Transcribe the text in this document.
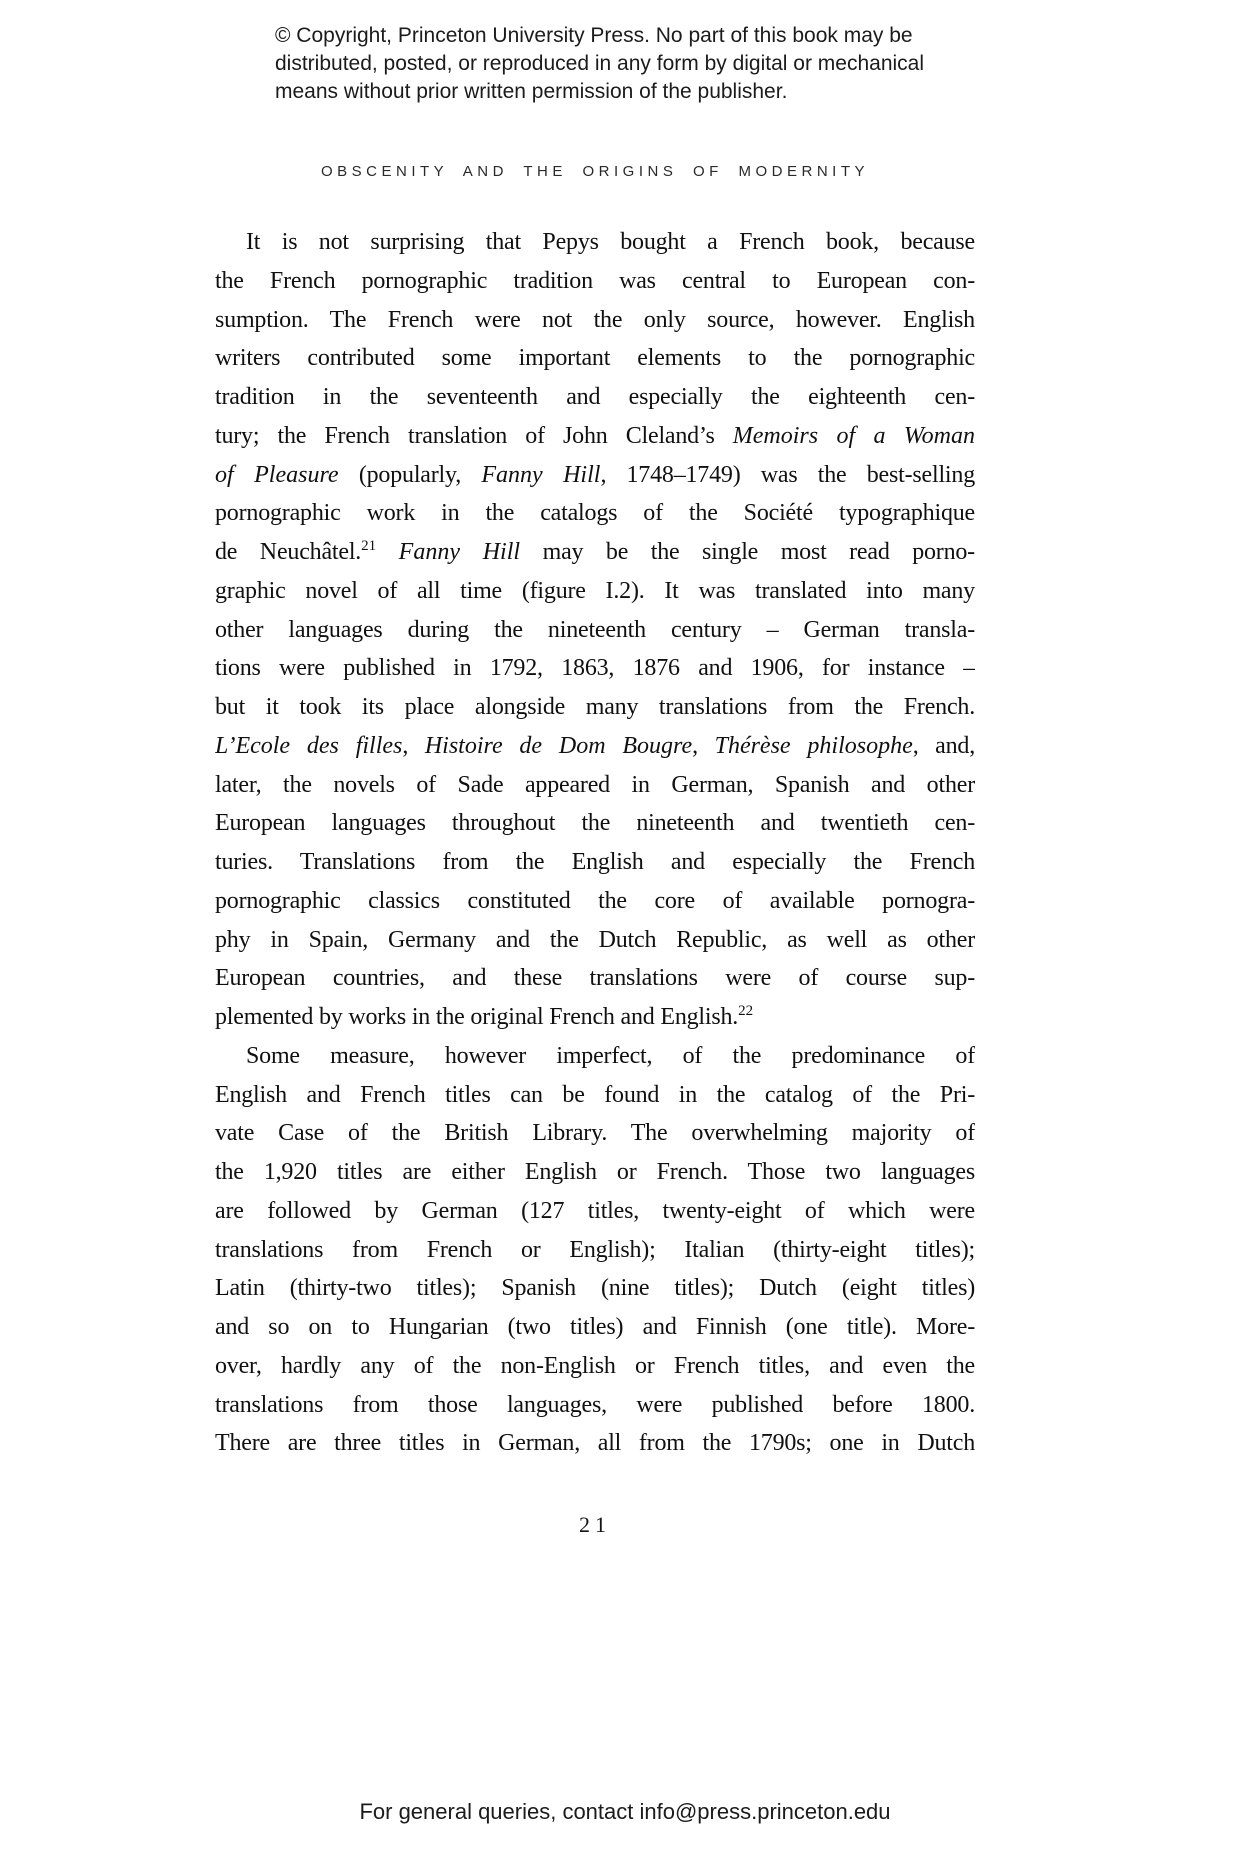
© Copyright, Princeton University Press. No part of this book may be
distributed, posted, or reproduced in any form by digital or mechanical
means without prior written permission of the publisher.
OBSCENITY AND THE ORIGINS OF MODERNITY
It is not surprising that Pepys bought a French book, because
the French pornographic tradition was central to European con-
sumption. The French were not the only source, however. English
writers contributed some important elements to the pornographic
tradition in the seventeenth and especially the eighteenth cen-
tury; the French translation of John Cleland’s Memoirs of a Woman
of Pleasure (popularly, Fanny Hill, 1748–1749) was the best-selling
pornographic work in the catalogs of the Société typographique
de Neuchâtel.$^{21}$ Fanny Hill may be the single most read porno-
graphic novel of all time (figure I.2). It was translated into many
other languages during the nineteenth century – German transla-
tions were published in 1792, 1863, 1876 and 1906, for instance –
but it took its place alongside many translations from the French.
L’Ecole des filles, Histoire de Dom Bougre, Thérèse philosophe, and,
later, the novels of Sade appeared in German, Spanish and other
European languages throughout the nineteenth and twentieth cen-
turies. Translations from the English and especially the French
pornographic classics constituted the core of available pornogra-
phy in Spain, Germany and the Dutch Republic, as well as other
European countries, and these translations were of course sup-
plemented by works in the original French and English.$^{22}$
Some measure, however imperfect, of the predominance of
English and French titles can be found in the catalog of the Pri-
vate Case of the British Library. The overwhelming majority of
the 1,920 titles are either English or French. Those two languages
are followed by German (127 titles, twenty-eight of which were
translations from French or English); Italian (thirty-eight titles);
Latin (thirty-two titles); Spanish (nine titles); Dutch (eight titles)
and so on to Hungarian (two titles) and Finnish (one title). More-
over, hardly any of the non-English or French titles, and even the
translations from those languages, were published before 1800.
There are three titles in German, all from the 1790s; one in Dutch
21
For general queries, contact info@press.princeton.edu
